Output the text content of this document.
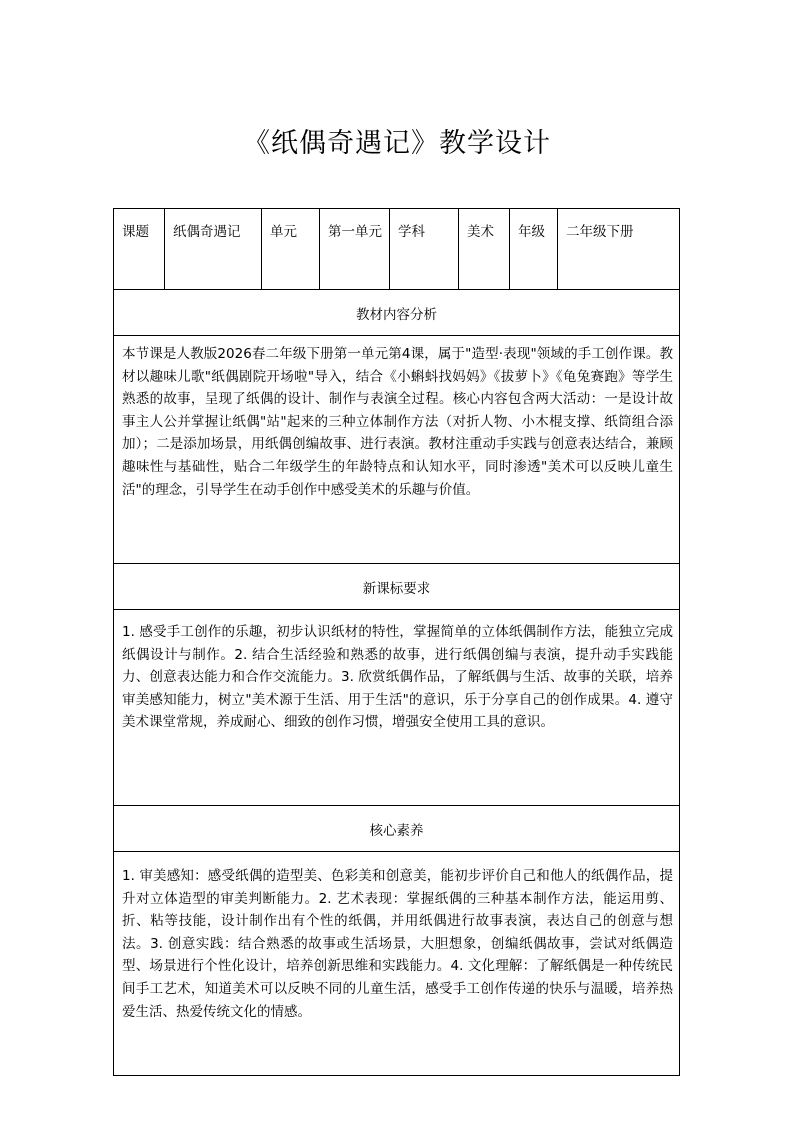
《纸偶奇遇记》教学设计
课题	纸偶奇遇记	单元	第一单元	学科	美术	年级	二年级下册
教材内容分析
本节课是人教版2026春二年级下册第一单元第4课，属于"造型·表现"领域的手工创作课。教材以趣味儿歌"纸偶剧院开场啦"导入，结合《小蝌蚪找妈妈》《拔萝卜》《龟兔赛跑》等学生熟悉的故事，呈现了纸偶的设计、制作与表演全过程。核心内容包含两大活动：一是设计故事主人公并掌握让纸偶"站"起来的三种立体制作方法（对折人物、小木棍支撑、纸筒组合添加）；二是添加场景，用纸偶创编故事、进行表演。教材注重动手实践与创意表达结合，兼顾趣味性与基础性，贴合二年级学生的年龄特点和认知水平，同时渗透"美术可以反映儿童生活"的理念，引导学生在动手创作中感受美术的乐趣与价值。
新课标要求
1. 感受手工创作的乐趣，初步认识纸材的特性，掌握简单的立体纸偶制作方法，能独立完成纸偶设计与制作。2. 结合生活经验和熟悉的故事，进行纸偶创编与表演，提升动手实践能力、创意表达能力和合作交流能力。3. 欣赏纸偶作品，了解纸偶与生活、故事的关联，培养审美感知能力，树立"美术源于生活、用于生活"的意识，乐于分享自己的创作成果。4. 遵守美术课堂常规，养成耐心、细致的创作习惯，增强安全使用工具的意识。
核心素养
1. 审美感知：感受纸偶的造型美、色彩美和创意美，能初步评价自己和他人的纸偶作品，提升对立体造型的审美判断能力。2. 艺术表现：掌握纸偶的三种基本制作方法，能运用剪、折、粘等技能，设计制作出有个性的纸偶，并用纸偶进行故事表演，表达自己的创意与想法。3. 创意实践：结合熟悉的故事或生活场景，大胆想象，创编纸偶故事，尝试对纸偶造型、场景进行个性化设计，培养创新思维和实践能力。4. 文化理解：了解纸偶是一种传统民间手工艺术，知道美术可以反映不同的儿童生活，感受手工创作传递的快乐与温暖，培养热爱生活、热爱传统文化的情感。
